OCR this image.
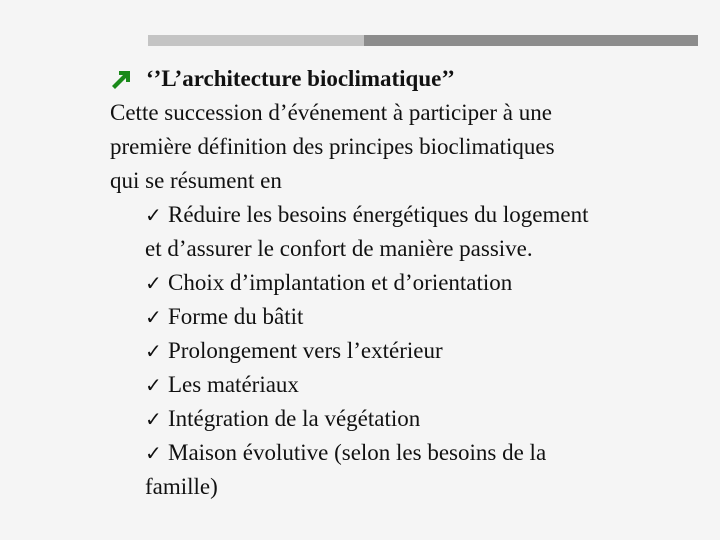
‘’L’architecture bioclimatique’’
Cette succession d’événement à participer à une
première définition des principes bioclimatiques
qui se résument en
✓ Réduire les besoins énergétiques du logement
et d’assurer le confort de manière passive.
✓ Choix d’implantation et d’orientation
✓ Forme du bâtit
✓ Prolongement vers l’extérieur
✓ Les matériaux
✓ Intégration de la végétation
✓ Maison évolutive (selon les besoins de la
famille)
